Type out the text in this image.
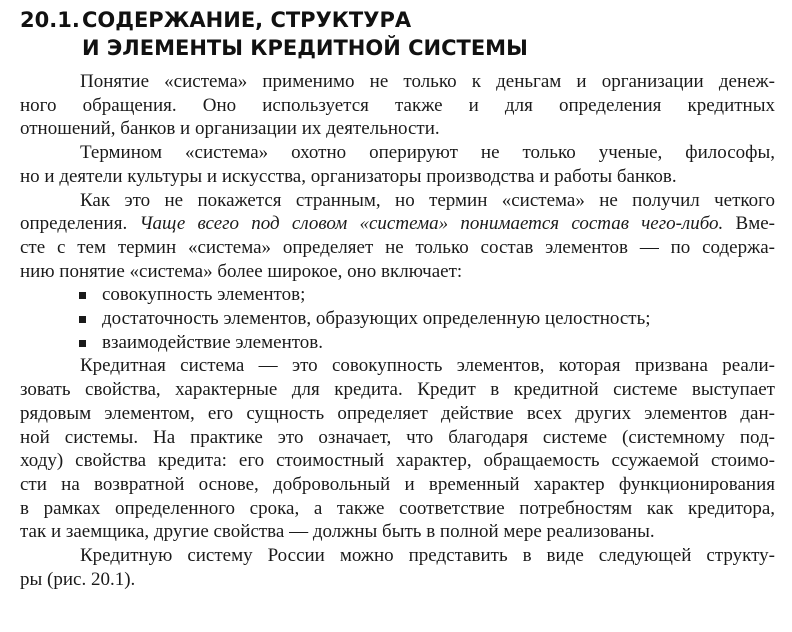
20.1. СОДЕРЖАНИЕ, СТРУКТУРА
И ЭЛЕМЕНТЫ КРЕДИТНОЙ СИСТЕМЫ

Понятие «система» применимо не только к деньгам и организации денеж-
ного обращения. Оно используется также и для определения кредитных
отношений, банков и организации их деятельности.

Термином «система» охотно оперируют не только ученые, философы,
но и деятели культуры и искусства, организаторы производства и работы банков.

Как это не покажется странным, но термин «система» не получил четкого
определения. Чаще всего под словом «система» понимается состав чего-либо. Вме-
сте с тем термин «система» определяет не только состав элементов — по содержа-
нию понятие «система» более широкое, оно включает:

совокупность элементов;
достаточность элементов, образующих определенную целостность;
взаимодействие элементов.

Кредитная система — это совокупность элементов, которая призвана реали-
зовать свойства, характерные для кредита. Кредит в кредитной системе выступает
рядовым элементом, его сущность определяет действие всех других элементов дан-
ной системы. На практике это означает, что благодаря системе (системному под-
ходу) свойства кредита: его стоимостный характер, обращаемость ссужаемой стоимо-
сти на возвратной основе, добровольный и временный характер функционирования
в рамках определенного срока, а также соответствие потребностям как кредитора,
так и заемщика, другие свойства — должны быть в полной мере реализованы.

Кредитную систему России можно представить в виде следующей структу-
ры (рис. 20.1).
